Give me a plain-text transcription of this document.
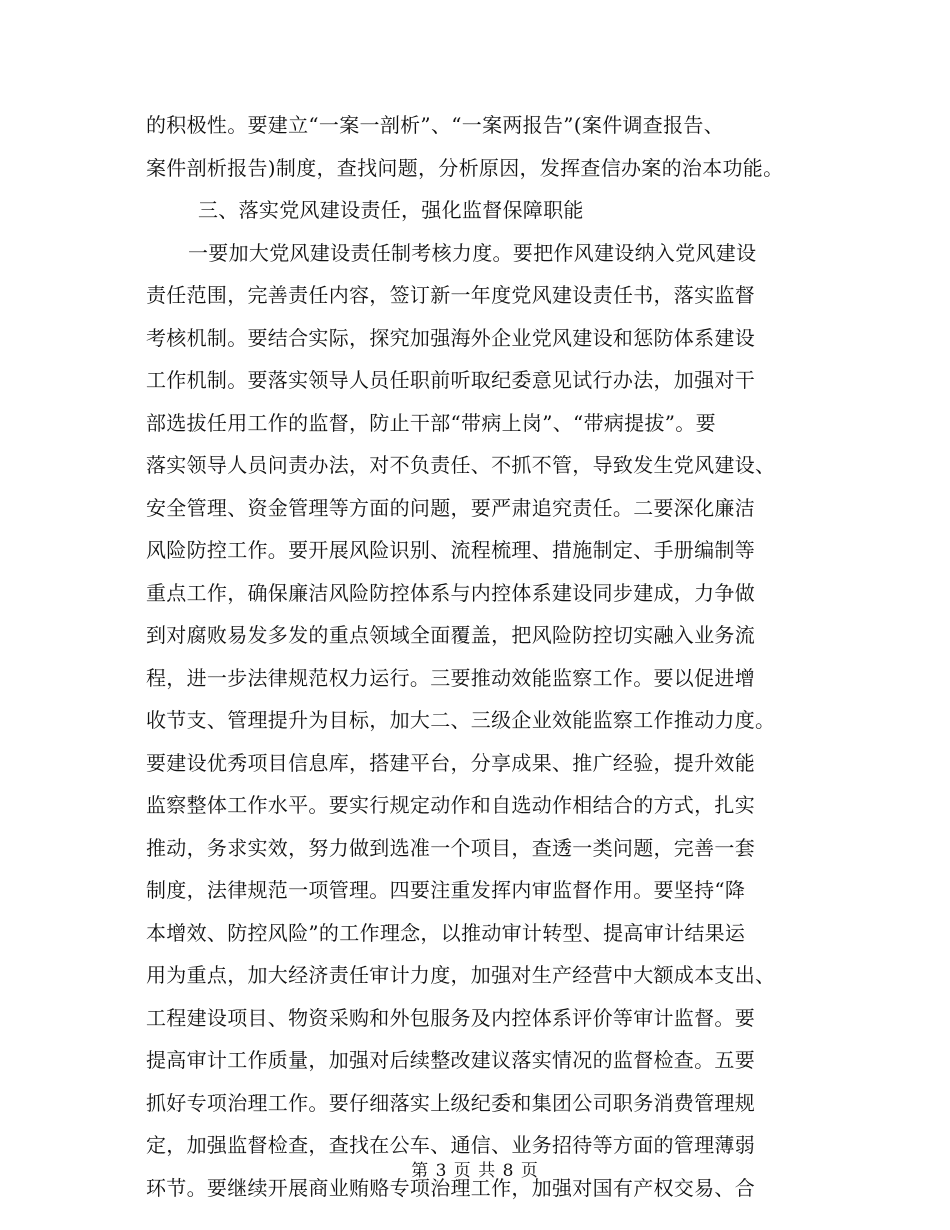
的积极性。要建立“一案一剖析”、“一案两报告”(案件调查报告、
案件剖析报告)制度，查找问题，分析原因，发挥查信办案的治本功能。
三、落实党风建设责任，强化监督保障职能
一要加大党风建设责任制考核力度。要把作风建设纳入党风建设
责任范围，完善责任内容，签订新一年度党风建设责任书，落实监督
考核机制。要结合实际，探究加强海外企业党风建设和惩防体系建设
工作机制。要落实领导人员任职前听取纪委意见试行办法，加强对干
部选拔任用工作的监督，防止干部“带病上岗”、“带病提拔”。要
落实领导人员问责办法，对不负责任、不抓不管，导致发生党风建设、
安全管理、资金管理等方面的问题，要严肃追究责任。二要深化廉洁
风险防控工作。要开展风险识别、流程梳理、措施制定、手册编制等
重点工作，确保廉洁风险防控体系与内控体系建设同步建成，力争做
到对腐败易发多发的重点领域全面覆盖，把风险防控切实融入业务流
程，进一步法律规范权力运行。三要推动效能监察工作。要以促进增
收节支、管理提升为目标，加大二、三级企业效能监察工作推动力度。
要建设优秀项目信息库，搭建平台，分享成果、推广经验，提升效能
监察整体工作水平。要实行规定动作和自选动作相结合的方式，扎实
推动，务求实效，努力做到选准一个项目，查透一类问题，完善一套
制度，法律规范一项管理。四要注重发挥内审监督作用。要坚持“降
本增效、防控风险”的工作理念，以推动审计转型、提高审计结果运
用为重点，加大经济责任审计力度，加强对生产经营中大额成本支出、
工程建设项目、物资采购和外包服务及内控体系评价等审计监督。要
提高审计工作质量，加强对后续整改建议落实情况的监督检查。五要
抓好专项治理工作。要仔细落实上级纪委和集团公司职务消费管理规
定，加强监督检查，查找在公车、通信、业务招待等方面的管理薄弱
环节。要继续开展商业贿赂专项治理工作，加强对国有产权交易、合
第 3 页 共 8 页
